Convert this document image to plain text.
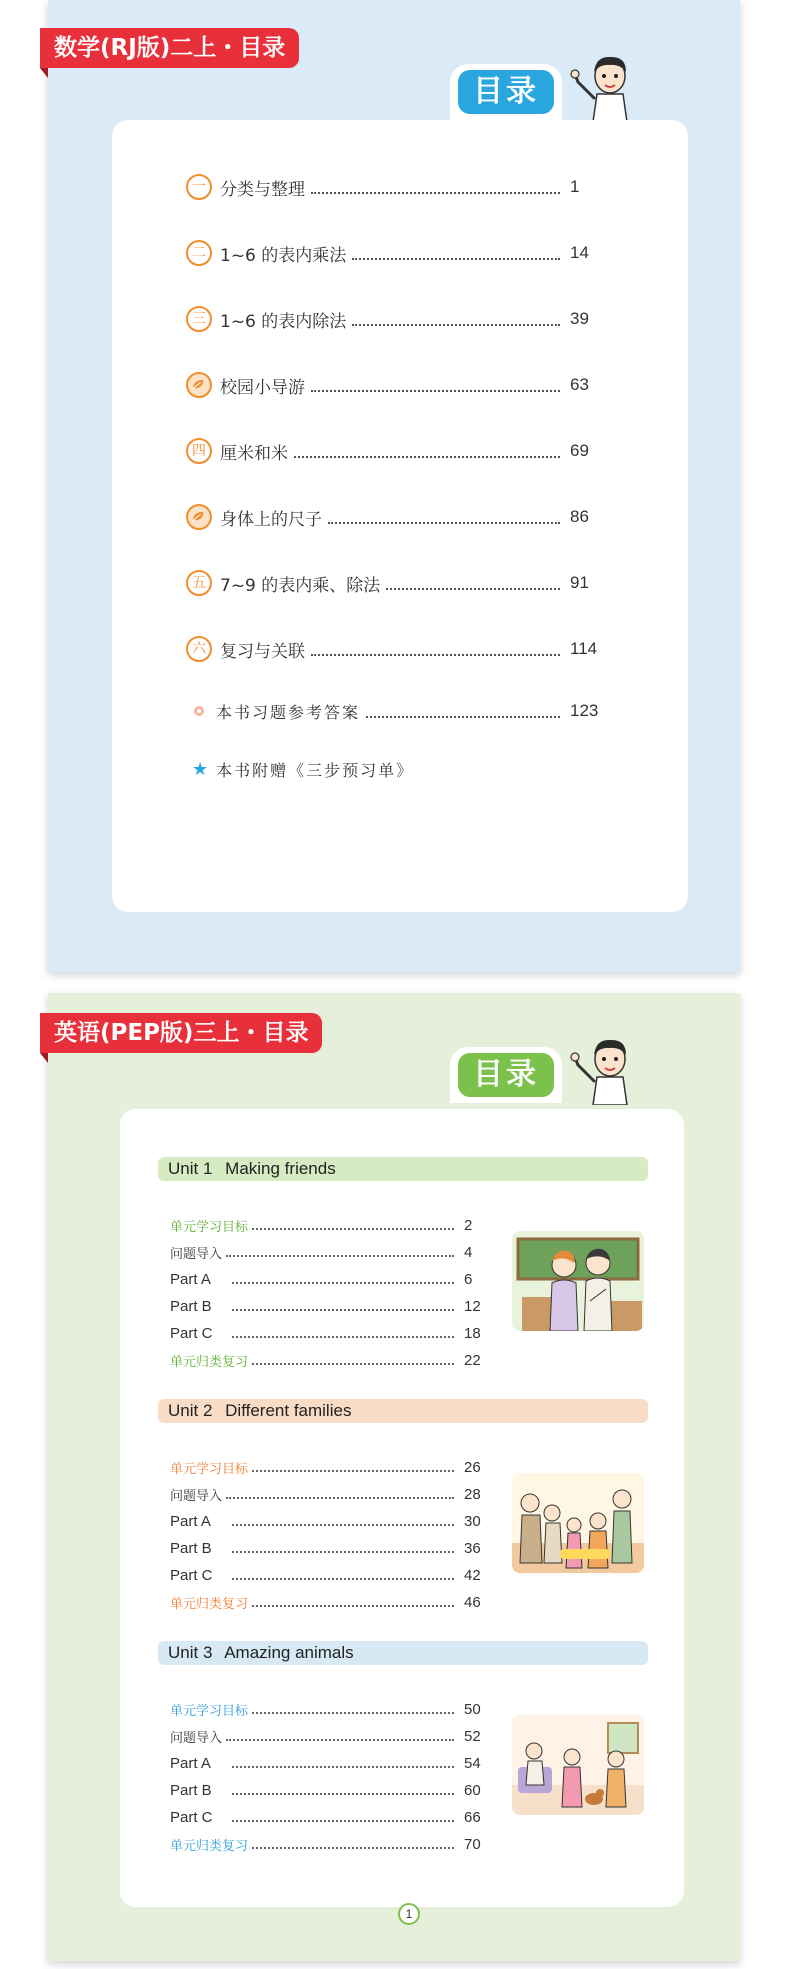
数学(RJ版)二上・目录
目录
一 分类与整理	1
二 1~6 的表内乘法	14
三 1~6 的表内除法	39
校园小导游	63
四 厘米和米	69
身体上的尺子	86
五 7~9 的表内乘、除法	91
六 复习与关联	114
本书习题参考答案	123
★ 本书附赠《三步预习单》
英语(PEP版)三上・目录
目录
Unit 1 Making friends
单元学习目标	2
问题导入	4
Part A	6
Part B	12
Part C	18
单元归类复习	22
Unit 2 Different families
单元学习目标	26
问题导入	28
Part A	30
Part B	36
Part C	42
单元归类复习	46
Unit 3 Amazing animals
单元学习目标	50
问题导入	52
Part A	54
Part B	60
Part C	66
单元归类复习	70
1
